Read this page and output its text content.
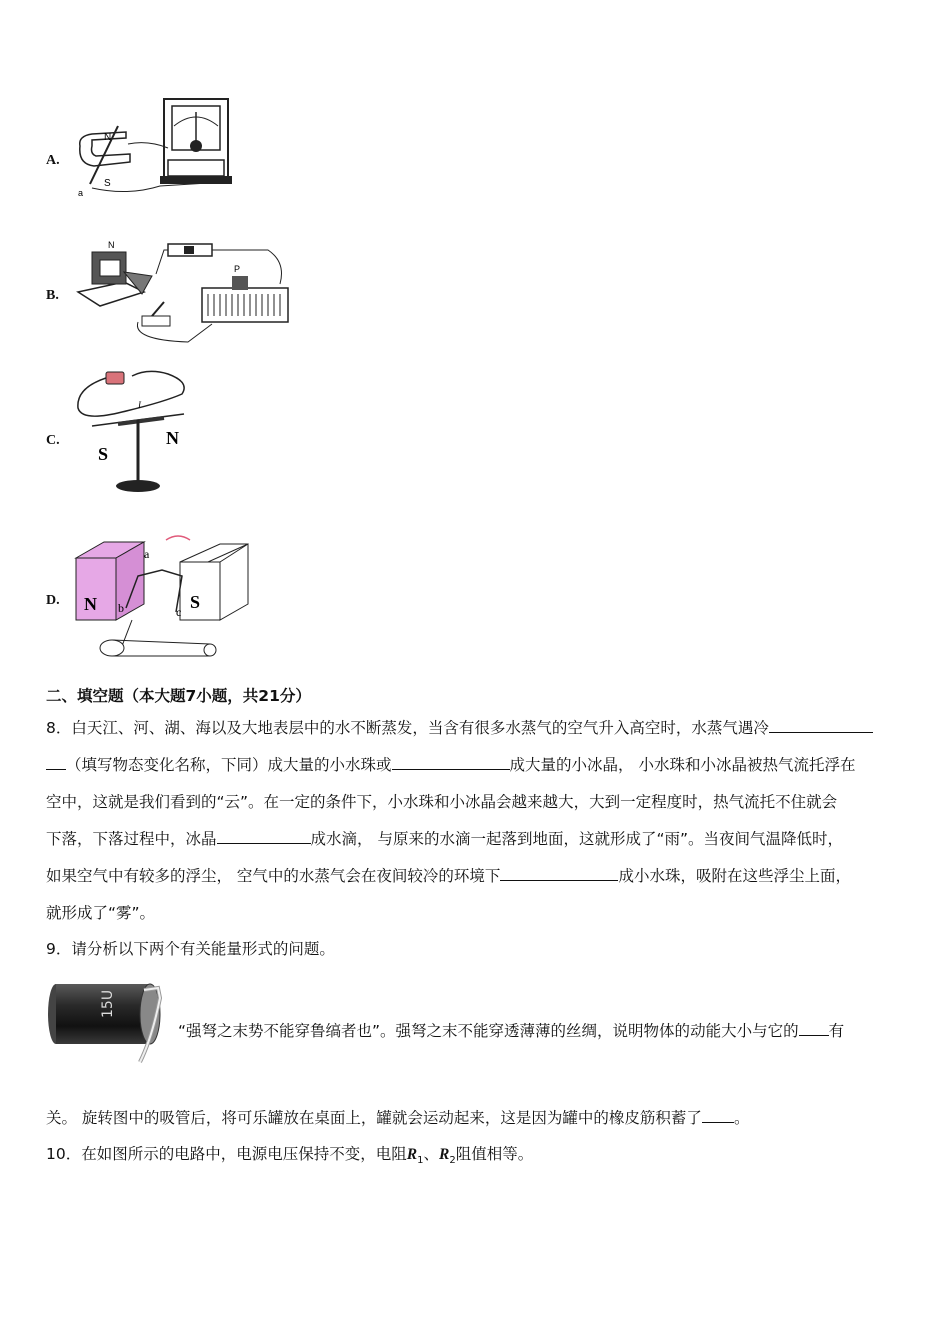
A.
N
S
a
B.
N
P
C.
S
N
I
D. N	S
a
b	c
二、填空题（本大题7小题，共21分）
8．白天江、河、湖、海以及大地表层中的水不断蒸发，当含有很多水蒸气的空气升入高空时，水蒸气遇冷
（填写物态变化名称，下同）成大量的小水珠或	成大量的小冰晶， 小水珠和小冰晶被热气流托浮在
空中，这就是我们看到的“云”。在一定的条件下，小水珠和小冰晶会越来越大，大到一定程度时，热气流托不住就会
下落，下落过程中，冰晶	成水滴， 与原来的水滴一起落到地面，这就形成了“雨”。当夜间气温降低时，
如果空气中有较多的浮尘， 空气中的水蒸气会在夜间较冷的环境下	成小水珠，吸附在这些浮尘上面，
就形成了“雾”。
9．请分析以下两个有关能量形式的问题。
15U
“强弩之末势不能穿鲁缟者也”。强弩之末不能穿透薄薄的丝绸，说明物体的动能大小与它的 有
关。 旋转图中的吸管后，将可乐罐放在桌面上，罐就会运动起来，这是因为罐中的橡皮筋积蓄了 。
10．在如图所示的电路中，电源电压保持不变，电阻$R_1$、$R_2$阻值相等。
